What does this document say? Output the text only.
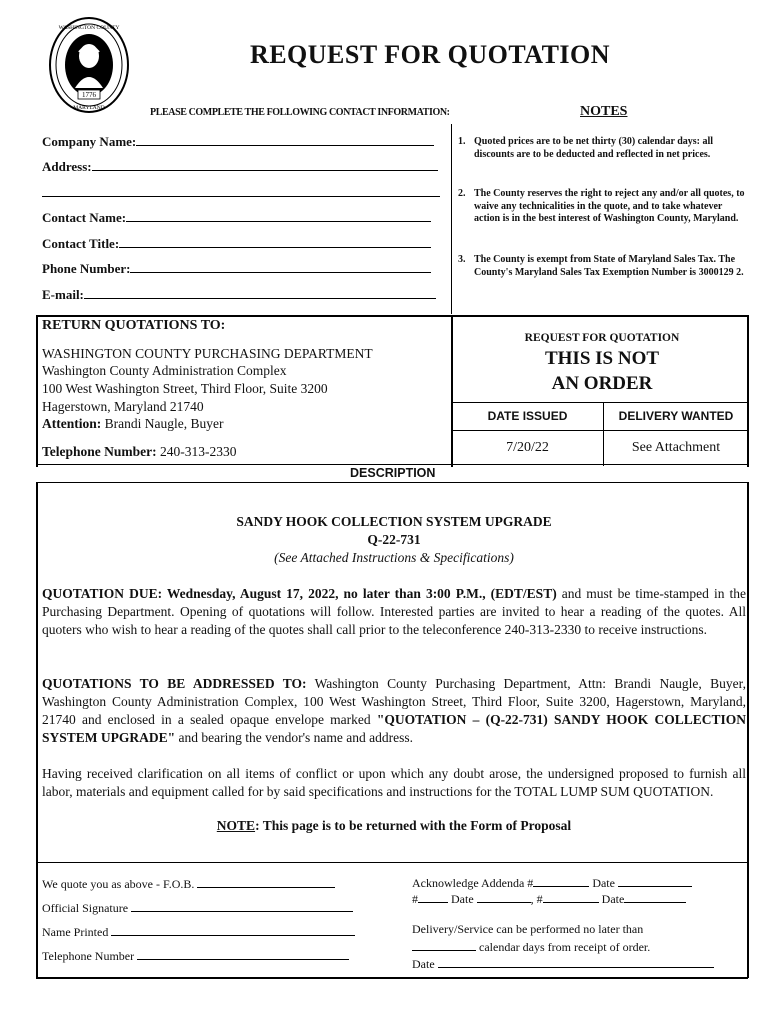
1776
WASHINGTON COUNTY
MARYLAND
REQUEST FOR QUOTATION
PLEASE COMPLETE THE FOLLOWING CONTACT INFORMATION:	NOTES
Company Name:
Address:
Contact Name:
Contact Title:
Phone Number:
E-mail:
1. Quoted prices are to be net thirty (30) calendar days: all discounts are to be deducted and reflected in net prices.
2. The County reserves the right to reject any and/or all quotes, to waive any technicalities in the quote, and to take whatever action is in the best interest of Washington County, Maryland.
3. The County is exempt from State of Maryland Sales Tax. The County's Maryland Sales Tax Exemption Number is 3000129 2.
RETURN QUOTATIONS TO:
WASHINGTON COUNTY PURCHASING DEPARTMENT
Washington County Administration Complex
100 West Washington Street, Third Floor, Suite 3200
Hagerstown, Maryland 21740
Attention: Brandi Naugle, Buyer
Telephone Number: 240-313-2330
REQUEST FOR QUOTATION
THIS IS NOT
AN ORDER
DATE ISSUED	DELIVERY WANTED
7/20/22	See Attachment
DESCRIPTION
SANDY HOOK COLLECTION SYSTEM UPGRADE
Q-22-731
(See Attached Instructions & Specifications)
QUOTATION DUE: Wednesday, August 17, 2022, no later than 3:00 P.M., (EDT/EST) and must be time-stamped in the Purchasing Department. Opening of quotations will follow. Interested parties are invited to hear a reading of the quotes. All quoters who wish to hear a reading of the quotes shall call prior to the teleconference 240-313-2330 to receive instructions.
QUOTATIONS TO BE ADDRESSED TO: Washington County Purchasing Department, Attn: Brandi Naugle, Buyer, Washington County Administration Complex, 100 West Washington Street, Third Floor, Suite 3200, Hagerstown, Maryland, 21740 and enclosed in a sealed opaque envelope marked "QUOTATION – (Q-22-731) SANDY HOOK COLLECTION SYSTEM UPGRADE" and bearing the vendor's name and address.
Having received clarification on all items of conflict or upon which any doubt arose, the undersigned proposed to furnish all labor, materials and equipment called for by said specifications and instructions for the TOTAL LUMP SUM QUOTATION.
NOTE: This page is to be returned with the Form of Proposal
We quote you as above - F.O.B.
Official Signature
Name Printed
Telephone Number
Acknowledge Addenda #	Date
#	Date	, #	Date
Delivery/Service can be performed no later than
calendar days from receipt of order.
Date
